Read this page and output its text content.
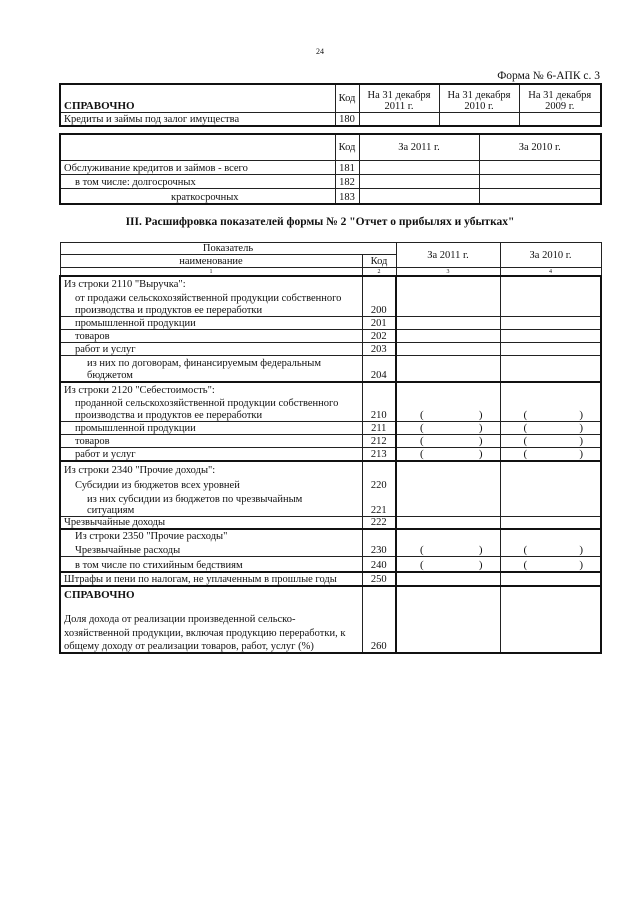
24
Форма № 6-АПК с. 3
СПРАВОЧНО	Код	На 31 декабря 2011 г.	На 31 декабря 2010 г.	На 31 декабря 2009 г.
Кредиты и займы под залог имущества	180			
	Код	За 2011 г.	За 2010 г.
Обслуживание кредитов и займов - всего	181		
в том числе: долгосрочных	182		
краткосрочных	183		
III. Расшифровка показателей формы № 2 "Отчет о прибылях и убытках"
Показатель		За 2011 г.	За 2010 г.
наименование	Код		
1	2	3	4
Из строки 2110 "Выручка":			
от продажи сельскохозяйственной продукции собственного			
производства и продуктов ее переработки	200		
промышленной продукции	201		
товаров	202		
работ и услуг	203		
из них по договорам, финансируемым федеральным			
бюджетом	204		
Из строки 2120 "Себестоимость":			
проданной сельскохозяйственной продукции собственного			
производства и продуктов ее переработки	210	( )	( )

промышленной продукции	211	( )	( )

товаров	212	( )	( )

работ и услуг	213	( )	( )

Из строки 2340 "Прочие доходы":			
Субсидии из бюджетов всех уровней	220		
из них субсидии из бюджетов по чрезвычайным			
ситуациям	221		
Чрезвычайные доходы	222		
Из строки 2350 "Прочие расходы"			
Чрезвычайные расходы	230	( )	( )

в том числе по стихийным бедствиям	240	( )	( )

Штрафы и пени по налогам, не уплаченным в прошлые годы	250		
СПРАВОЧНО			
Доля дохода от реализации произведенной сельско-			
хозяйственной продукции, включая продукцию переработки, к			
общему доходу от реализации товаров, работ, услуг (%)	260		
